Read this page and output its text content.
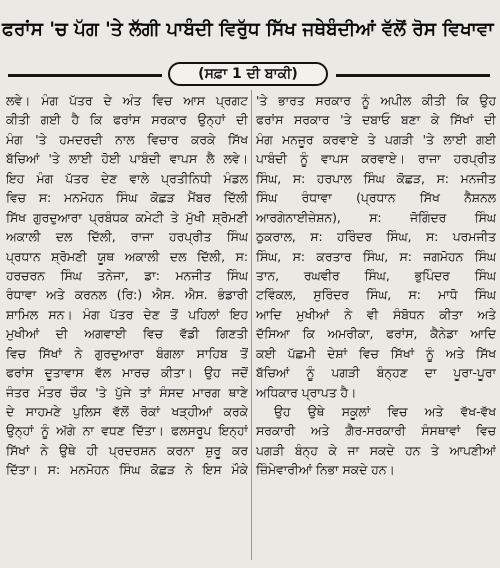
ਫਰਾਂਸ 'ਚ ਪੱਗ 'ਤੇ ਲੱਗੀ ਪਾਬੰਦੀ ਵਿਰੁੱਧ ਸਿੱਖ ਜਥੇਬੰਦੀਆਂ ਵੱਲੋਂ ਰੋਸ ਵਿਖਾਵਾ
(ਸਫ਼ਾ 1 ਦੀ ਬਾਕੀ)
ਲਵੇ। ਮੰਗ ਪੱਤਰ ਦੇ ਅੰਤ ਵਿਚ ਆਸ ਪ੍ਰਗਟ
ਕੀਤੀ ਗਈ ਹੈ ਕਿ ਫਰਾਂਸ ਸਰਕਾਰ ਉਨ੍ਹਾਂ ਦੀ
ਮੰਗ 'ਤੇ ਹਮਦਰਦੀ ਨਾਲ ਵਿਚਾਰ ਕਰਕੇ ਸਿੱਖ
ਬੱਚਿਆਂ 'ਤੇ ਲਾਈ ਹੋਈ ਪਾਬੰਦੀ ਵਾਪਸ ਲੈ ਲਵੇ।
ਇਹ ਮੰਗ ਪੱਤਰ ਦੇਣ ਵਾਲੇ ਪ੍ਰਤੀਨਿਧੀ ਮੰਡਲ
ਵਿਚ ਸ: ਮਨਮੋਹਨ ਸਿੰਘ ਕੋਛੜ ਮੈਂਬਰ ਦਿੱਲੀ
ਸਿੱਖ ਗੁਰਦੁਆਰਾ ਪ੍ਰਬੰਧਕ ਕਮੇਟੀ ਤੇ ਮੁੱਖੀ ਸ਼੍ਰੋਮਣੀ
ਅਕਾਲੀ ਦਲ ਦਿੱਲੀ, ਰਾਜਾ ਹਰਪ੍ਰੀਤ ਸਿੰਘ
ਪ੍ਰਧਾਨ ਸ਼੍ਰੋਮਣੀ ਯੂਥ ਅਕਾਲੀ ਦਲ ਦਿੱਲੀ, ਸ:
ਹਰਚਰਨ ਸਿੰਘ ਤਨੇਜਾ, ਡਾ: ਮਨਜੀਤ ਸਿੰਘ
ਰੰਧਾਵਾ ਅਤੇ ਕਰਨਲ (ਰਿ:) ਐਸ. ਐਸ. ਭੰਡਾਰੀ
ਸ਼ਾਮਿਲ ਸਨ। ਮੰਗ ਪੱਤਰ ਦੇਣ ਤੋਂ ਪਹਿਲਾਂ ਇਹ
ਮੁਖੀਆਂ ਦੀ ਅਗਵਾਈ ਵਿਚ ਵੱਡੀ ਗਿਣਤੀ
ਵਿਚ ਸਿੱਖਾਂ ਨੇ ਗੁਰਦੁਆਰਾ ਬੰਗਲਾ ਸਾਹਿਬ ਤੋਂ
ਫਰਾਂਸ ਦੂਤਾਵਾਸ ਵੱਲ ਮਾਰਚ ਕੀਤਾ। ਉਹ ਜਦੋਂ
ਜੰਤਰ ਮੰਤਰ ਚੌਕ 'ਤੇ ਪੁੱਜੇ ਤਾਂ ਸੰਸਦ ਮਾਰਗ ਥਾਣੇ
ਦੇ ਸਾਹਮਣੇ ਪੁਲਿਸ ਵੱਲੋਂ ਰੋਕਾਂ ਖੜ੍ਹੀਆਂ ਕਰਕੇ
ਉਨ੍ਹਾਂ ਨੂੰ ਅੱਗੇ ਨਾ ਵਧਣ ਦਿੱਤਾ। ਫਲਸਰੂਪ ਇਨ੍ਹਾਂ
ਸਿੱਖਾਂ ਨੇ ਉਥੇ ਹੀ ਪ੍ਰਦਰਸ਼ਨ ਕਰਨਾ ਸ਼ੁਰੂ ਕਰ
ਦਿੱਤਾ। ਸ: ਮਨਮੋਹਨ ਸਿੰਘ ਕੋਛੜ ਨੇ ਇਸ ਮੌਕੇ
'ਤੇ ਭਾਰਤ ਸਰਕਾਰ ਨੂੰ ਅਪੀਲ ਕੀਤੀ ਕਿ ਉਹ
ਫਰਾਂਸ ਸਰਕਾਰ 'ਤੇ ਦਬਾਓ ਬਣਾ ਕੇ ਸਿੱਖਾਂ ਦੀ
ਮੰਗ ਮਨਜ਼ੂਰ ਕਰਵਾਏ ਤੇ ਪਗੜੀ 'ਤੇ ਲਾਈ ਗਈ
ਪਾਬੰਦੀ ਨੂੰ ਵਾਪਸ ਕਰਵਾਏ। ਰਾਜਾ ਹਰਪ੍ਰੀਤ
ਸਿੰਘ, ਸ: ਹਰਪਾਲ ਸਿੰਘ ਕੋਛੜ, ਸ: ਮਨਜੀਤ
ਸਿੰਘ ਰੰਧਾਵਾ (ਪ੍ਰਧਾਨ ਸਿੱਖ ਨੈਸ਼ਨਲ
ਆਰਗੇਨਾਈਜ਼ੇਸ਼ਨ), ਸ: ਜੋਗਿੰਦਰ ਸਿੰਘ
ਠੁਕਰਾਲ, ਸ: ਹਰਿੰਦਰ ਸਿੰਘ, ਸ: ਪਰਮਜੀਤ
ਸਿੰਘ, ਸ: ਕਰਤਾਰ ਸਿੰਘ, ਸ: ਜਗਮੋਹਨ ਸਿੰਘ
ਤਾਨ, ਰਘਵੀਰ ਸਿੰਘ, ਭੁਪਿੰਦਰ ਸਿੰਘ
ਟਵਿੰਕਲ, ਸੁਰਿੰਦਰ ਸਿੰਘ, ਸ: ਮਾਧੋ ਸਿੰਘ
ਆਦਿ ਮੁਖੀਆਂ ਨੇ ਵੀ ਸੰਬੋਧਨ ਕੀਤਾ ਅਤੇ
ਦੱਸਿਆ ਕਿ ਅਮਰੀਕਾ, ਫਰਾਂਸ, ਕੈਨੇਡਾ ਆਦਿ
ਕਈ ਪੱਛਮੀ ਦੇਸ਼ਾਂ ਵਿਚ ਸਿੱਖਾਂ ਨੂੰ ਅਤੇ ਸਿੱਖ
ਬੱਚਿਆਂ ਨੂੰ ਪਗੜੀ ਬੰਨ੍ਹਣ ਦਾ ਪੂਰਾ-ਪੂਰਾ
ਅਧਿਕਾਰ ਪ੍ਰਾਪਤ ਹੈ।
ਉਹ ਉਥੇ ਸਕੂਲਾਂ ਵਿਚ ਅਤੇ ਵੱਖ-ਵੱਖ
ਸਰਕਾਰੀ ਅਤੇ ਗ਼ੈਰ-ਸਰਕਾਰੀ ਸੰਸਥਾਵਾਂ ਵਿਚ
ਪਗੜੀ ਬੰਨ੍ਹ ਕੇ ਜਾ ਸਕਦੇ ਹਨ ਤੇ ਆਪਣੀਆਂ
ਜ਼ਿੰਮੇਵਾਰੀਆਂ ਨਿਭਾ ਸਕਦੇ ਹਨ।
